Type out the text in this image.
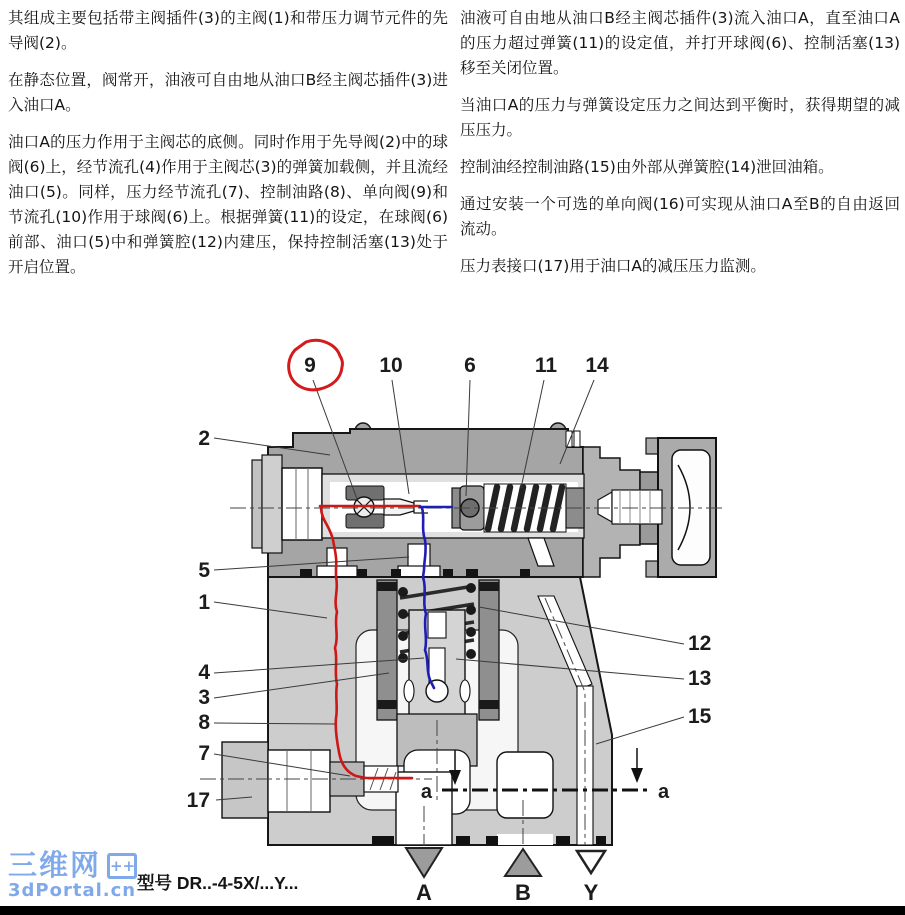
其组成主要包括带主阀插件(3)的主阀(1)和带压力调节元件的先导阀(2)。

在静态位置，阀常开，油液可自由地从油口B经主阀芯插件(3)进入油口A。

油口A的压力作用于主阀芯的底侧。同时作用于先导阀(2)中的球阀(6)上，经节流孔(4)作用于主阀芯(3)的弹簧加载侧，并且流经油口(5)。同样，压力经节流孔(7)、控制油路(8)、单向阀(9)和节流孔(10)作用于球阀(6)上。根据弹簧(11)的设定，在球阀(6)前部、油口(5)中和弹簧腔(12)内建压，保持控制活塞(13)处于开启位置。

油液可自由地从油口B经主阀芯插件(3)流入油口A，直至油口A的压力超过弹簧(11)的设定值，并打开球阀(6)、控制活塞(13)移至关闭位置。

当油口A的压力与弹簧设定压力之间达到平衡时，获得期望的减压压力。

控制油经控制油路(15)由外部从弹簧腔(14)泄回油箱。

通过安装一个可选的单向阀(16)可实现从油口A至B的自由返回流动。

压力表接口(17)用于油口A的减压压力监测。

9	10	6	11 14
2
5
1
4
3
8
7
17
12
13
15
a	a
A	B Y
型号 DR..-4-5X/...Y...
三维网 ++
3dPortal.cn
